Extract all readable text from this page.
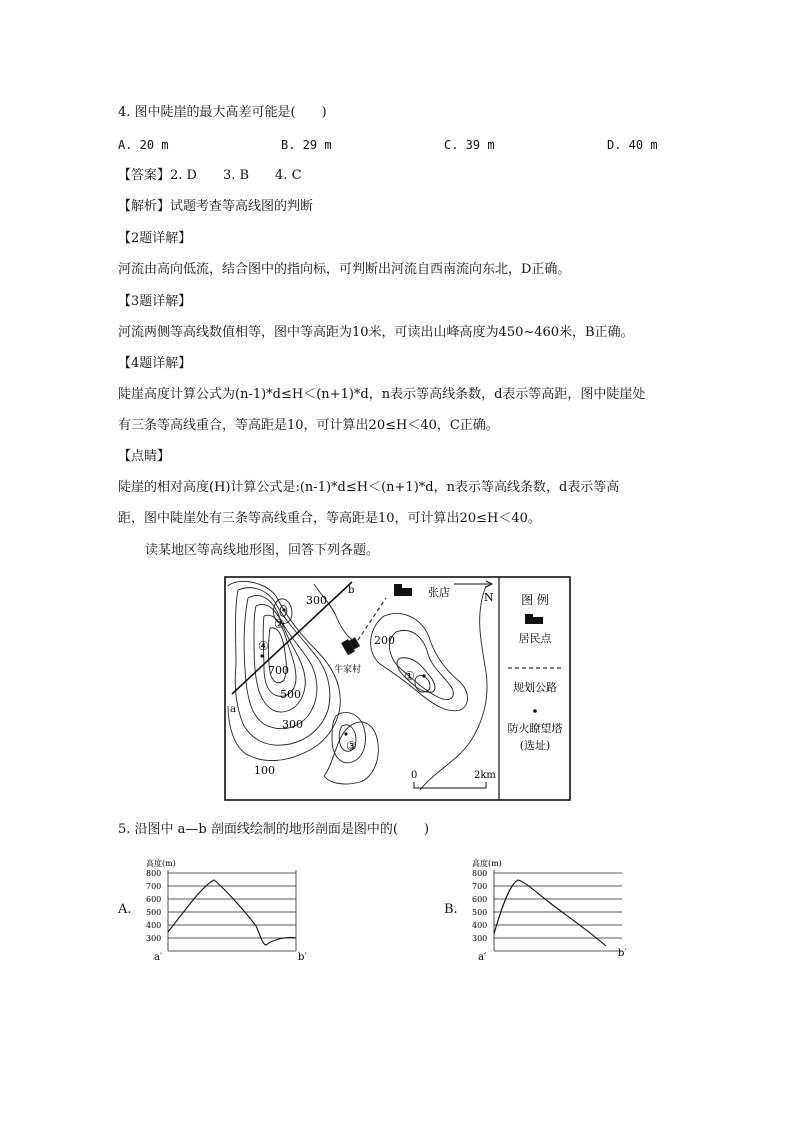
4. 图中陡崖的最大高差可能是(　　)
A. 20 m	B. 29 m	C. 39 m	D. 40 m
【答案】2. D　　3. B　　4. C
【解析】试题考查等高线图的判断
【2题详解】
河流由高向低流，结合图中的指向标，可判断出河流自西南流向东北，D正确。
【3题详解】
河流两侧等高线数值相等，图中等高距为10米，可读出山峰高度为450~460米，B正确。
【4题详解】
陡崖高度计算公式为(n-1)*d≤H＜(n+1)*d，n表示等高线条数，d表示等高距，图中陡崖处
有三条等高线重合，等高距是10，可计算出20≤H＜40，C正确。
【点睛】
陡崖的相对高度(H)计算公式是:(n-1)*d≤H＜(n+1)*d，n表示等高线条数，d表示等高
距，图中陡崖处有三条等高线重合，等高距是10，可计算出20≤H＜40。
读某地区等高线地形图，回答下列各题。
a
b	张店
牛家村
N
300
200
700
500
300
100
①
②
③
④
0	2km
图 例
居民点
规划公路
防火瞭望塔
(选址)
5. 沿图中 a—b 剖面线绘制的地形剖面是图中的(　　)
A.
高度(m)
800
700
600
500
400
300
a′	b′
B.
高度(m)
800
700
600
500
400
300
a′	b′
